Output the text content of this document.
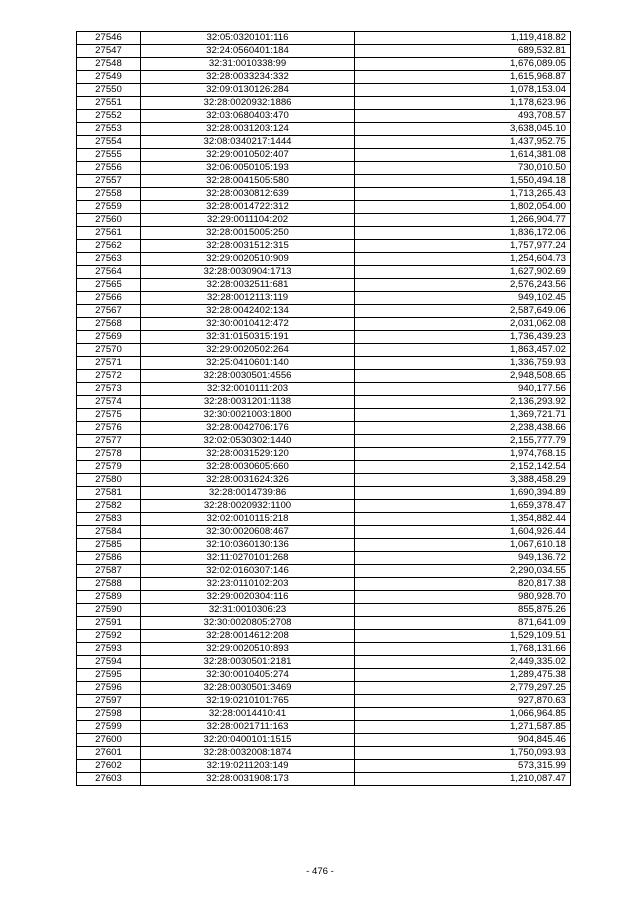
27546	32:05:0320101:116	1,119,418.82
27547	32:24:0560401:184	689,532.81
27548	32:31:0010338:99	1,676,089.05
27549	32:28:0033234:332	1,615,968.87
27550	32:09:0130126:284	1,078,153.04
27551	32:28:0020932:1886	1,178,623.96
27552	32:03:0680403:470	493,708.57
27553	32:28:0031203:124	3,638,045.10
27554	32:08:0340217:1444	1,437,952.75
27555	32:29:0010502:407	1,614,381.08
27556	32:06:0050105:193	730,010.50
27557	32:28:0041505:580	1,550,494.18
27558	32:28:0030812:639	1,713,265.43
27559	32:28:0014722:312	1,802,054.00
27560	32:29:0011104:202	1,266,904.77
27561	32:28:0015005:250	1,836,172.06
27562	32:28:0031512:315	1,757,977.24
27563	32:29:0020510:909	1,254,604.73
27564	32:28:0030904:1713	1,627,902.69
27565	32:28:0032511:681	2,576,243.56
27566	32:28:0012113:119	949,102.45
27567	32:28:0042402:134	2,587,649.06
27568	32:30:0010412:472	2,031,062.08
27569	32:31:0150315:191	1,736,439.23
27570	32:29:0020502:264	1,863,457.02
27571	32:25:0410601:140	1,336,759.93
27572	32:28:0030501:4556	2,948,508.65
27573	32:32:0010111:203	940,177.56
27574	32:28:0031201:1138	2,136,293.92
27575	32:30:0021003:1800	1,369,721.71
27576	32:28:0042706:176	2,238,438.66
27577	32:02:0530302:1440	2,155,777.79
27578	32:28:0031529:120	1,974,768.15
27579	32:28:0030605:660	2,152,142.54
27580	32:28:0031624:326	3,388,458.29
27581	32:28:0014739:86	1,690,394.89
27582	32:28:0020932:1100	1,659,378.47
27583	32:02:0010115:218	1,354,882.44
27584	32:30:0020608:467	1,604,926.44
27585	32:10:0360130:136	1,067,610.18
27586	32:11:0270101:268	949,136.72
27587	32:02:0160307:146	2,290,034.55
27588	32:23:0110102:203	820,817.38
27589	32:29:0020304:116	980,928.70
27590	32:31:0010306:23	855,875.26
27591	32:30:0020805:2708	871,641.09
27592	32:28:0014612:208	1,529,109.51
27593	32:29:0020510:893	1,768,131.66
27594	32:28:0030501:2181	2,449,335.02
27595	32:30:0010405:274	1,289,475.38
27596	32:28:0030501:3469	2,779,297.25
27597	32:19:0210101:765	927,870.63
27598	32:28:0014410:41	1,066,964.85
27599	32:28:0021711:163	1,271,587.85
27600	32:20:0400101:1515	904,845.46
27601	32:28:0032008:1874	1,750,093.93
27602	32:19:0211203:149	573,315.99
27603	32:28:0031908:173	1,210,087.47
- 476 -
